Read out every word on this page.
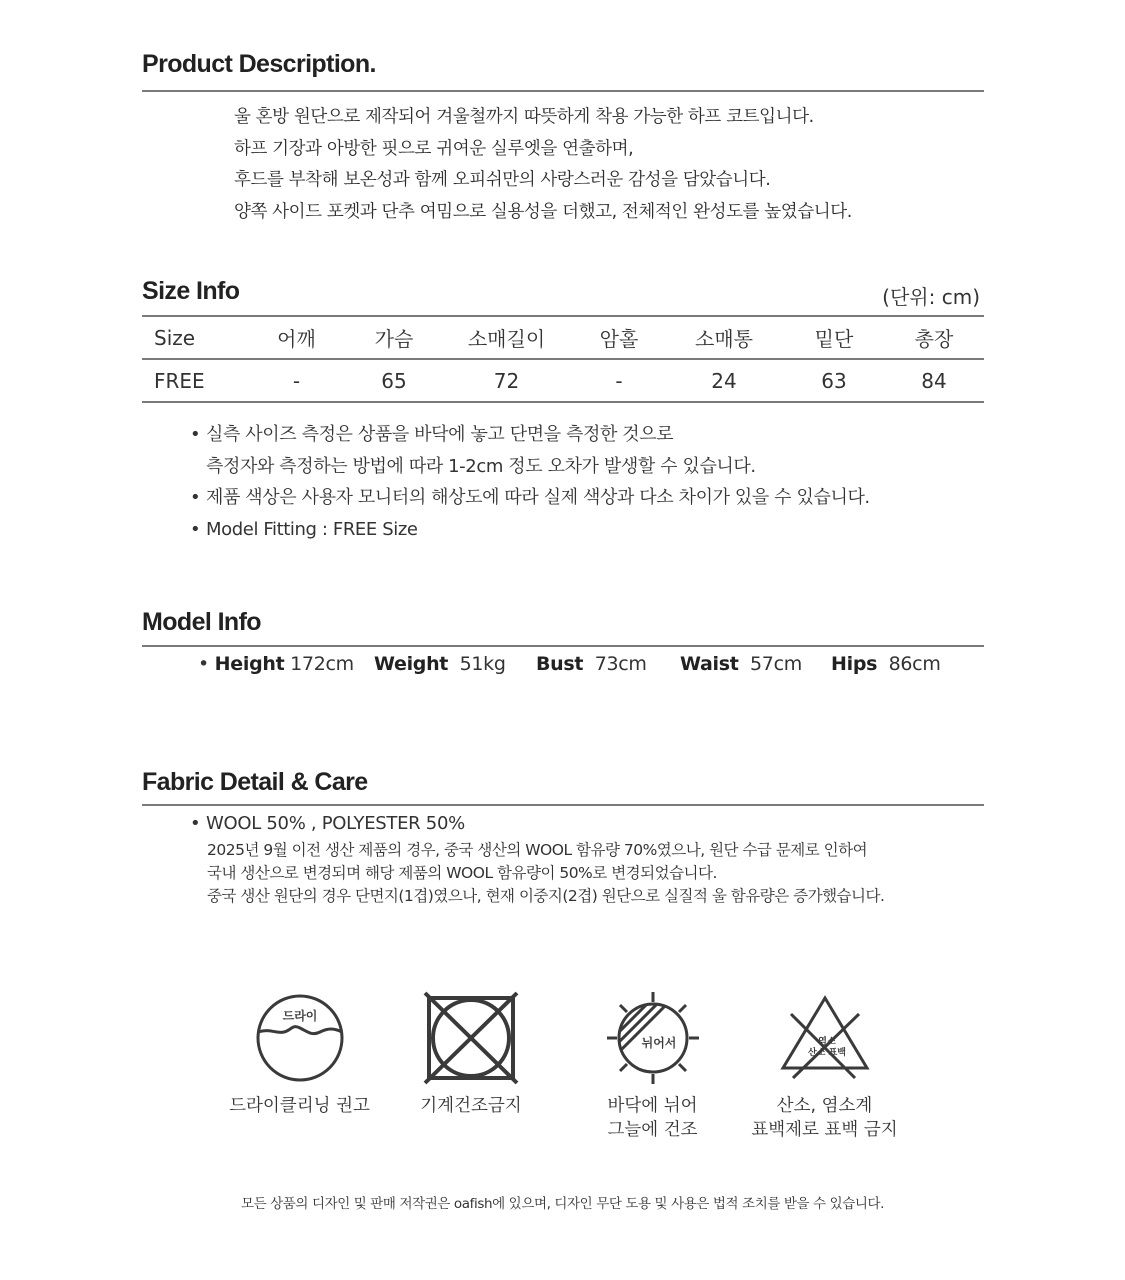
Product Description.
울 혼방 원단으로 제작되어 겨울철까지 따뜻하게 착용 가능한 하프 코트입니다.
하프 기장과 아방한 핏으로 귀여운 실루엣을 연출하며,
후드를 부착해 보온성과 함께 오피쉬만의 사랑스러운 감성을 담았습니다.
양쪽 사이드 포켓과 단추 여밈으로 실용성을 더했고, 전체적인 완성도를 높였습니다.
Size Info	(단위: cm)
Size	어깨	가슴	소매길이	암홀	소매통	밑단	총장
FREE	-	65	72	-	24	63	84
• 실측 사이즈 측정은 상품을 바닥에 놓고 단면을 측정한 것으로
측정자와 측정하는 방법에 따라 1-2cm 정도 오차가 발생할 수 있습니다.
• 제품 색상은 사용자 모니터의 해상도에 따라 실제 색상과 다소 차이가 있을 수 있습니다.
• Model Fitting : FREE Size
Model Info
• Height 172cm Weight 51kg Bust 73cm Waist 57cm Hips 86cm
Fabric Detail & Care
• WOOL 50% , POLYESTER 50%
2025년 9월 이전 생산 제품의 경우, 중국 생산의 WOOL 함유량 70%였으나, 원단 수급 문제로 인하여
국내 생산으로 변경되며 해당 제품의 WOOL 함유량이 50%로 변경되었습니다.
중국 생산 원단의 경우 단면지(1겹)였으나, 현재 이중지(2겹) 원단으로 실질적 울 함유량은 증가했습니다.
드라이
드라이클리닝 권고	기계건조금지
뉘어서
바닥에 뉘어
그늘에 건조
염소
산소 표백
산소, 염소계
표백제로 표백 금지
모든 상품의 디자인 및 판매 저작권은 oafish에 있으며, 디자인 무단 도용 및 사용은 법적 조치를 받을 수 있습니다.
